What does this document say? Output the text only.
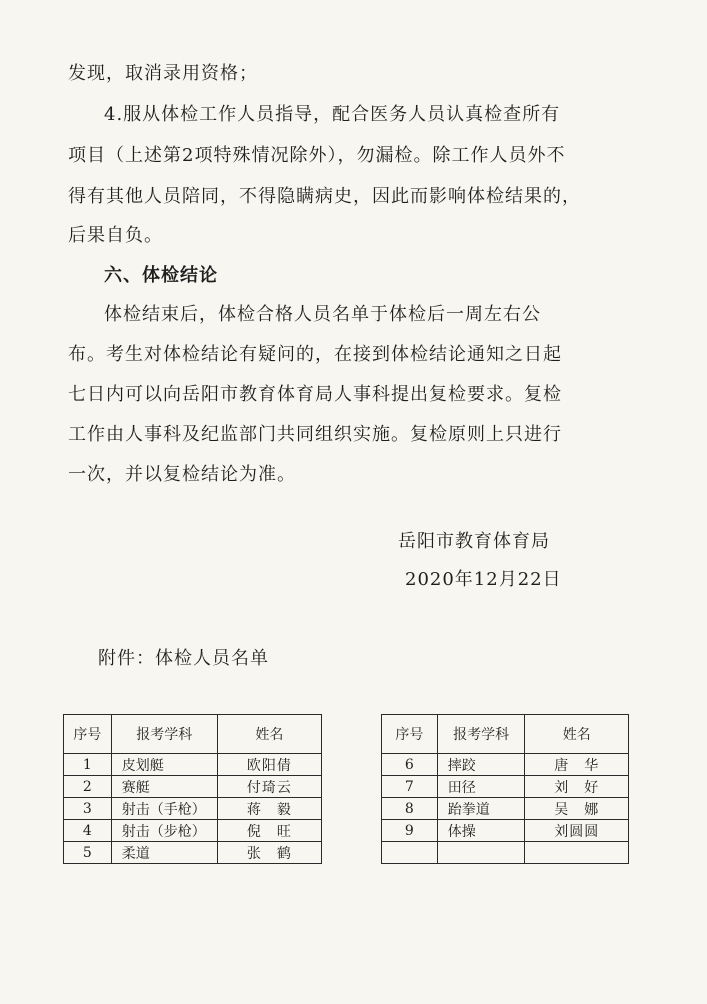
发现，取消录用资格；
4.服从体检工作人员指导，配合医务人员认真检查所有
项目（上述第2项特殊情况除外），勿漏检。除工作人员外不
得有其他人员陪同，不得隐瞒病史，因此而影响体检结果的，
后果自负。
六、体检结论
体检结束后，体检合格人员名单于体检后一周左右公
布。考生对体检结论有疑问的，在接到体检结论通知之日起
七日内可以向岳阳市教育体育局人事科提出复检要求。复检
工作由人事科及纪监部门共同组织实施。复检原则上只进行
一次，并以复检结论为准。
岳阳市教育体育局
2020年12月22日
附件：体检人员名单
序号	报考学科	姓名
1	皮划艇	欧阳倩
2	赛艇	付琦云
3	射击（手枪）	蒋　毅
4	射击（步枪）	倪　旺
5	柔道	张　鹤
序号	报考学科	姓名
6	摔跤	唐　华
7	田径	刘　好
8	跆拳道	吴　娜
9	体操	刘圆圆
